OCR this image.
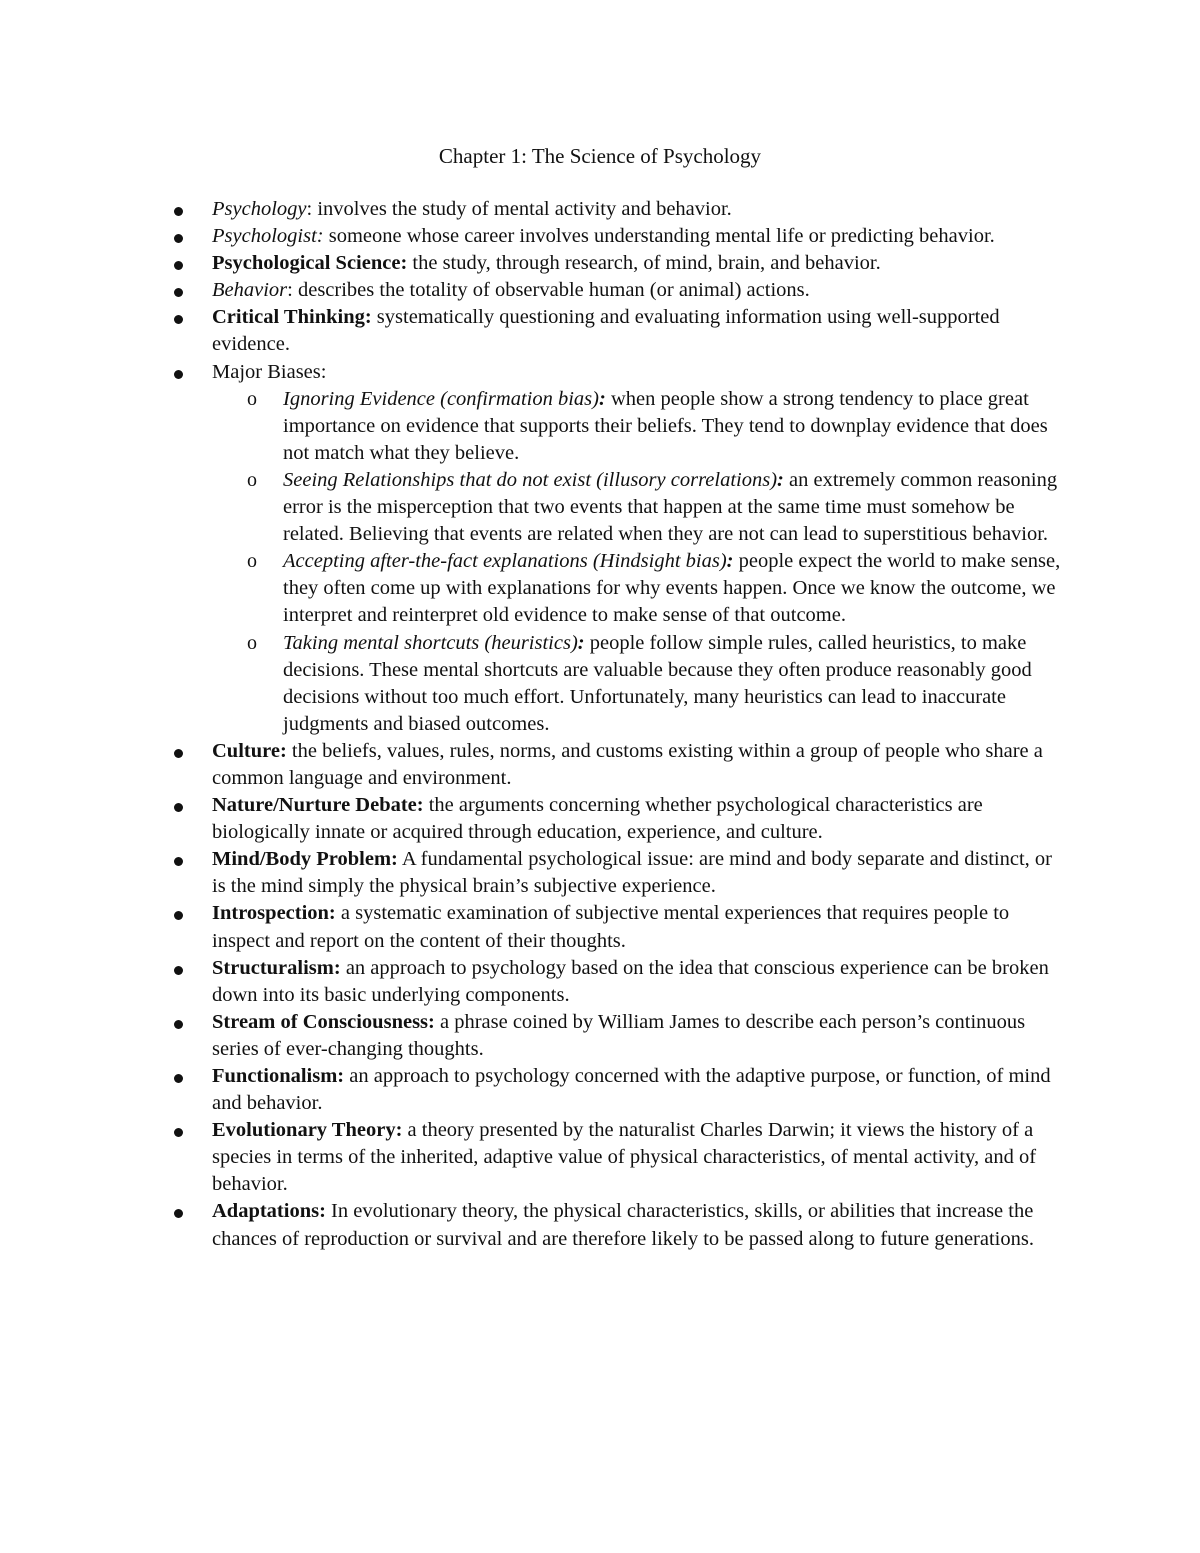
Chapter 1: The Science of Psychology
Psychology: involves the study of mental activity and behavior.
Psychologist: someone whose career involves understanding mental life or predicting behavior.
Psychological Science: the study, through research, of mind, brain, and behavior.
Behavior: describes the totality of observable human (or animal) actions.
Critical Thinking: systematically questioning and evaluating information using well-supported evidence.
Major Biases:
o Ignoring Evidence (confirmation bias): when people show a strong tendency to place great importance on evidence that supports their beliefs. They tend to downplay evidence that does not match what they believe.
o Seeing Relationships that do not exist (illusory correlations): an extremely common reasoning error is the misperception that two events that happen at the same time must somehow be related. Believing that events are related when they are not can lead to superstitious behavior.
o Accepting after-the-fact explanations (Hindsight bias): people expect the world to make sense, they often come up with explanations for why events happen. Once we know the outcome, we interpret and reinterpret old evidence to make sense of that outcome.
o Taking mental shortcuts (heuristics): people follow simple rules, called heuristics, to make decisions. These mental shortcuts are valuable because they often produce reasonably good decisions without too much effort. Unfortunately, many heuristics can lead to inaccurate judgments and biased outcomes.
Culture: the beliefs, values, rules, norms, and customs existing within a group of people who share a common language and environment.
Nature/Nurture Debate: the arguments concerning whether psychological characteristics are biologically innate or acquired through education, experience, and culture.
Mind/Body Problem: A fundamental psychological issue: are mind and body separate and distinct, or is the mind simply the physical brain’s subjective experience.
Introspection: a systematic examination of subjective mental experiences that requires people to inspect and report on the content of their thoughts.
Structuralism: an approach to psychology based on the idea that conscious experience can be broken down into its basic underlying components.
Stream of Consciousness: a phrase coined by William James to describe each person’s continuous series of ever-changing thoughts.
Functionalism: an approach to psychology concerned with the adaptive purpose, or function, of mind and behavior.
Evolutionary Theory: a theory presented by the naturalist Charles Darwin; it views the history of a species in terms of the inherited, adaptive value of physical characteristics, of mental activity, and of behavior.
Adaptations: In evolutionary theory, the physical characteristics, skills, or abilities that increase the chances of reproduction or survival and are therefore likely to be passed along to future generations.
